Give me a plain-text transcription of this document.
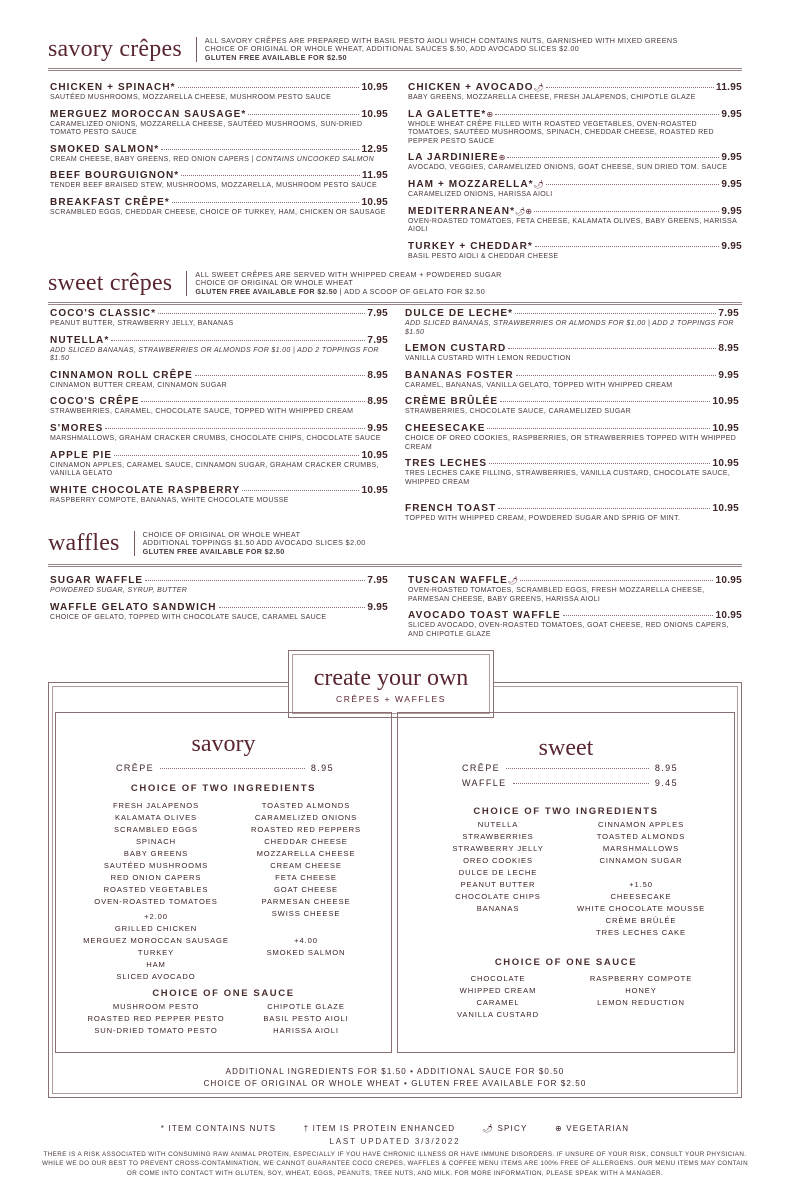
savory crêpes	ALL SAVORY CRÊPES ARE PREPARED WITH BASIL PESTO AIOLI WHICH CONTAINS NUTS, GARNISHED WITH MIXED GREENS
CHOICE OF ORIGINAL OR WHOLE WHEAT, ADDITIONAL SAUCES $.50, ADD AVOCADO SLICES $2.00
GLUTEN FREE AVAILABLE FOR $2.50
CHICKEN + SPINACH*	10.95
SAUTÉED MUSHROOMS, MOZZARELLA CHEESE, MUSHROOM PESTO SAUCE
MERGUEZ MOROCCAN SAUSAGE*	10.95
CARAMELIZED ONIONS, MOZZARELLA CHEESE, SAUTÉED MUSHROOMS, SUN-DRIED TOMATO PESTO SAUCE
SMOKED SALMON*	12.95
CREAM CHEESE, BABY GREENS, RED ONION CAPERS | CONTAINS UNCOOKED SALMON
BEEF BOURGUIGNON*	11.95
TENDER BEEF BRAISED STEW, MUSHROOMS, MOZZARELLA, MUSHROOM PESTO SAUCE
BREAKFAST CRÊPE*	10.95
SCRAMBLED EGGS, CHEDDAR CHEESE, CHOICE OF TURKEY, HAM, CHICKEN OR SAUSAGE
CHICKEN + AVOCADO 🌶	11.95
BABY GREENS, MOZZARELLA CHEESE, FRESH JALAPENOS, CHIPOTLE GLAZE
LA GALETTE* ⊕	9.95
WHOLE WHEAT CRÊPE FILLED WITH ROASTED VEGETABLES, OVEN-ROASTED TOMATOES, SAUTÉED MUSHROOMS, SPINACH, CHEDDAR CHEESE, ROASTED RED PEPPER PESTO SAUCE
LA JARDINIERE ⊕	9.95
AVOCADO, VEGGIES, CARAMELIZED ONIONS, GOAT CHEESE, SUN DRIED TOM. SAUCE
HAM + MOZZARELLA* 🌶	9.95
CARAMELIZED ONIONS, HARISSA AIOLI
MEDITERRANEAN* 🌶⊕	9.95
OVEN-ROASTED TOMATOES, FETA CHEESE, KALAMATA OLIVES, BABY GREENS, HARISSA AIOLI
TURKEY + CHEDDAR*	9.95
BASIL PESTO AIOLI & CHEDDAR CHEESE
sweet crêpes	ALL SWEET CRÊPES ARE SERVED WITH WHIPPED CREAM + POWDERED SUGAR
CHOICE OF ORIGINAL OR WHOLE WHEAT
GLUTEN FREE AVAILABLE FOR $2.50 | ADD A SCOOP OF GELATO FOR $2.50
COCO'S CLASSIC*	7.95
PEANUT BUTTER, STRAWBERRY JELLY, BANANAS
NUTELLA*	7.95
ADD SLICED BANANAS, STRAWBERRIES OR ALMONDS FOR $1.00 | ADD 2 TOPPINGS FOR $1.50
CINNAMON ROLL CRÊPE	8.95
CINNAMON BUTTER CREAM, CINNAMON SUGAR
COCO'S CRÊPE	8.95
STRAWBERRIES, CARAMEL, CHOCOLATE SAUCE, TOPPED WITH WHIPPED CREAM
S'MORES	9.95
MARSHMALLOWS, GRAHAM CRACKER CRUMBS, CHOCOLATE CHIPS, CHOCOLATE SAUCE
APPLE PIE	10.95
CINNAMON APPLES, CARAMEL SAUCE, CINNAMON SUGAR, GRAHAM CRACKER CRUMBS, VANILLA GELATO
WHITE CHOCOLATE RASPBERRY	10.95
RASPBERRY COMPOTE, BANANAS, WHITE CHOCOLATE MOUSSE
DULCE DE LECHE*	7.95
ADD SLICED BANANAS, STRAWBERRIES OR ALMONDS FOR $1.00 | ADD 2 TOPPINGS FOR $1.50
LEMON CUSTARD	8.95
VANILLA CUSTARD WITH LEMON REDUCTION
BANANAS FOSTER	9.95
CARAMEL, BANANAS, VANILLA GELATO, TOPPED WITH WHIPPED CREAM
CRÈME BRÛLÉE	10.95
STRAWBERRIES, CHOCOLATE SAUCE, CARAMELIZED SUGAR
CHEESECAKE	10.95
CHOICE OF OREO COOKIES, RASPBERRIES, OR STRAWBERRIES TOPPED WITH WHIPPED CREAM
TRES LECHES	10.95
TRES LECHES CAKE FILLING, STRAWBERRIES, VANILLA CUSTARD, CHOCOLATE SAUCE, WHIPPED CREAM
FRENCH TOAST	10.95
TOPPED WITH WHIPPED CREAM, POWDERED SUGAR AND SPRIG OF MINT.
waffles	CHOICE OF ORIGINAL OR WHOLE WHEAT
ADDITIONAL TOPPINGS $1.50 ADD AVOCADO SLICES $2.00
GLUTEN FREE AVAILABLE FOR $2.50
SUGAR WAFFLE	7.95
POWDERED SUGAR, SYRUP, BUTTER
WAFFLE GELATO SANDWICH	9.95
CHOICE OF GELATO, TOPPED WITH CHOCOLATE SAUCE, CARAMEL SAUCE
TUSCAN WAFFLE 🌶	10.95
OVEN-ROASTED TOMATOES, SCRAMBLED EGGS, FRESH MOZZARELLA CHEESE, PARMESAN CHEESE, BABY GREENS, HARISSA AIOLI
AVOCADO TOAST WAFFLE	10.95
SLICED AVOCADO, OVEN-ROASTED TOMATOES, GOAT CHEESE, RED ONIONS CAPERS, AND CHIPOTLE GLAZE
create your own
CRÊPES + WAFFLES
savory
CRÊPE	8.95
CHOICE OF TWO INGREDIENTS
FRESH JALAPENOS
KALAMATA OLIVES
SCRAMBLED EGGS
SPINACH
BABY GREENS
SAUTÉED MUSHROOMS
RED ONION CAPERS
ROASTED VEGETABLES
OVEN-ROASTED TOMATOES
TOASTED ALMONDS
CARAMELIZED ONIONS
ROASTED RED PEPPERS
CHEDDAR CHEESE
MOZZARELLA CHEESE
CREAM CHEESE
FETA CHEESE
GOAT CHEESE
PARMESAN CHEESE
SWISS CHEESE
+2.00
GRILLED CHICKEN
MERGUEZ MOROCCAN SAUSAGE
TURKEY
HAM
SLICED AVOCADO
+4.00
SMOKED SALMON
CHOICE OF ONE SAUCE
MUSHROOM PESTO
ROASTED RED PEPPER PESTO
SUN-DRIED TOMATO PESTO
CHIPOTLE GLAZE
BASIL PESTO AIOLI
HARISSA AIOLI
sweet
CRÊPE	8.95
WAFFLE	9.45
CHOICE OF TWO INGREDIENTS
NUTELLA
STRAWBERRIES
STRAWBERRY JELLY
OREO COOKIES
DULCE DE LECHE
PEANUT BUTTER
CHOCOLATE CHIPS
BANANAS
CINNAMON APPLES
TOASTED ALMONDS
MARSHMALLOWS
CINNAMON SUGAR
+1.50
CHEESECAKE
WHITE CHOCOLATE MOUSSE
CRÈME BRÛLÉE
TRES LECHES CAKE
CHOICE OF ONE SAUCE
CHOCOLATE
WHIPPED CREAM
CARAMEL
VANILLA CUSTARD
RASPBERRY COMPOTE
HONEY
LEMON REDUCTION
ADDITIONAL INGREDIENTS FOR $1.50 • ADDITIONAL SAUCE FOR $0.50
CHOICE OF ORIGINAL OR WHOLE WHEAT • GLUTEN FREE AVAILABLE FOR $2.50
* ITEM CONTAINS NUTS	† ITEM IS PROTEIN ENHANCED	🌶 SPICY	⊕ VEGETARIAN
LAST UPDATED 3/3/2022
THERE IS A RISK ASSOCIATED WITH CONSUMING RAW ANIMAL PROTEIN, ESPECIALLY IF YOU HAVE CHRONIC ILLNESS OR HAVE IMMUNE DISORDERS. IF UNSURE OF YOUR RISK, CONSULT YOUR PHYSICIAN. WHILE WE DO OUR BEST TO PREVENT CROSS-CONTAMINATION, WE CANNOT GUARANTEE COCO CREPES, WAFFLES & COFFEE MENU ITEMS ARE 100% FREE OF ALLERGENS. OUR MENU ITEMS MAY CONTAIN OR COME INTO CONTACT WITH GLUTEN, SOY, WHEAT, EGGS, PEANUTS, TREE NUTS, AND MILK. FOR MORE INFORMATION, PLEASE SPEAK WITH A MANAGER.
